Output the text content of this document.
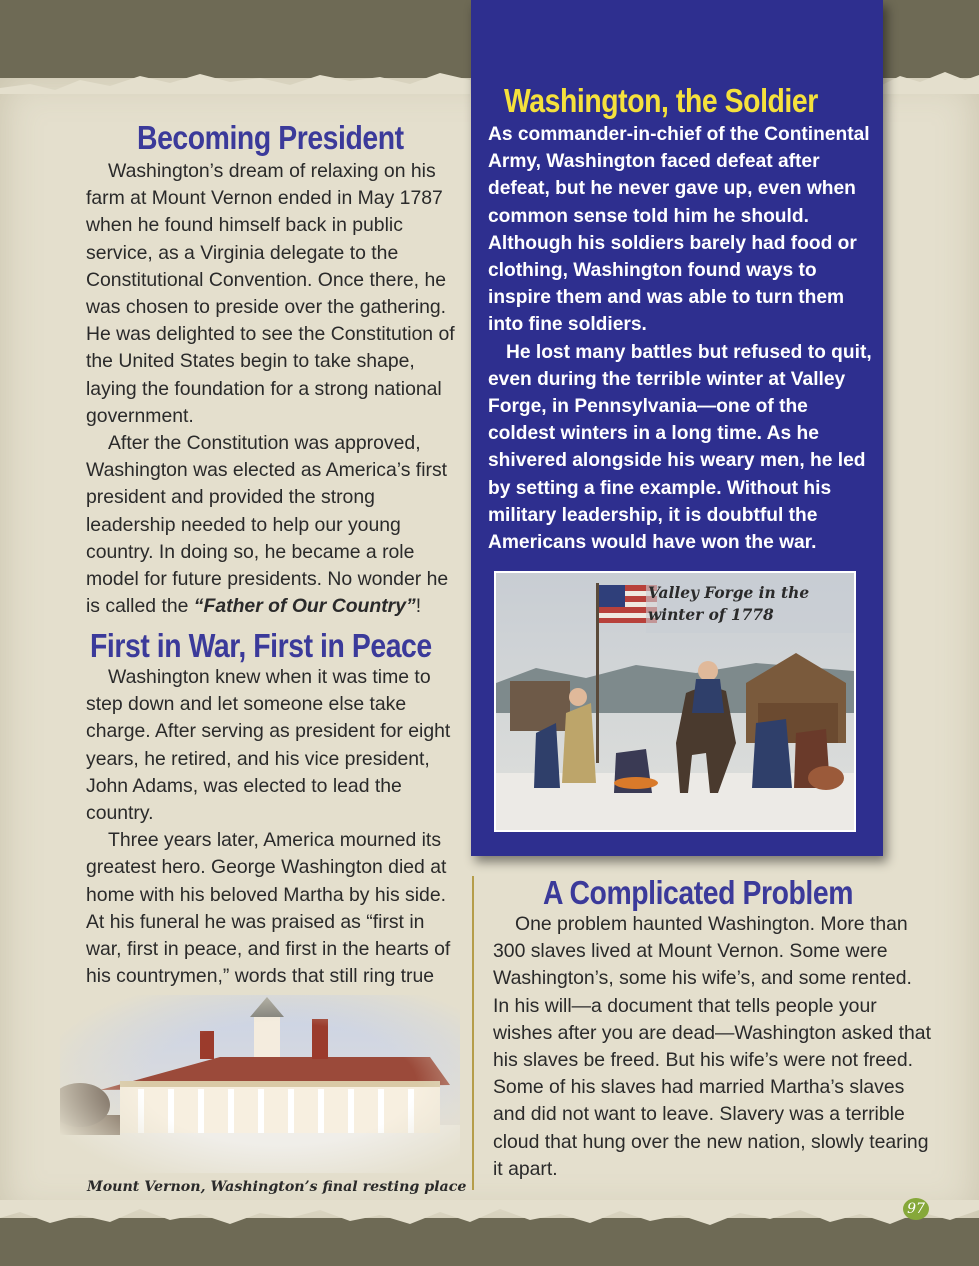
Becoming President

Washington’s dream of relaxing on his farm at Mount Vernon ended in May 1787 when he found himself back in public service, as a Virginia delegate to the Constitutional Convention. Once there, he was chosen to preside over the gathering. He was delighted to see the Constitution of the United States begin to take shape, laying the foundation for a strong national government.

After the Constitution was approved, Washington was elected as America’s first president and provided the strong leadership needed to help our young country. In doing so, he became a role model for future presidents. No wonder he is called the “Father of Our Country”!

First in War, First in Peace

Washington knew when it was time to step down and let someone else take charge. After serving as president for eight years, he retired, and his vice president, John Adams, was elected to lead the country.

Three years later, America mourned its greatest hero. George Washington died at home with his beloved Martha by his side. At his funeral he was praised as “first in war, first in peace, and first in the hearts of his countrymen,” words that still ring true

Mount Vernon, Washington’s final resting place

Washington, the Soldier

As commander-in-chief of the Continental Army, Washington faced defeat after defeat, but he never gave up, even when common sense told him he should. Although his soldiers barely had food or clothing, Washington found ways to inspire them and was able to turn them into fine soldiers.

He lost many battles but refused to quit, even during the terrible winter at Valley Forge, in Pennsylvania—one of the coldest winters in a long time. As he shivered alongside his weary men, he led by setting a fine example. Without his military leadership, it is doubtful the Americans would have won the war.

Valley Forge in the
winter of 1778

A Complicated Problem

One problem haunted Washington. More than 300 slaves lived at Mount Vernon. Some were Washington’s, some his wife’s, and some rented. In his will—a document that tells people your wishes after you are dead—Washington asked that his slaves be freed. But his wife’s were not freed. Some of his slaves had married Martha’s slaves and did not want to leave. Slavery was a terrible cloud that hung over the new nation, slowly tearing it apart.

97
